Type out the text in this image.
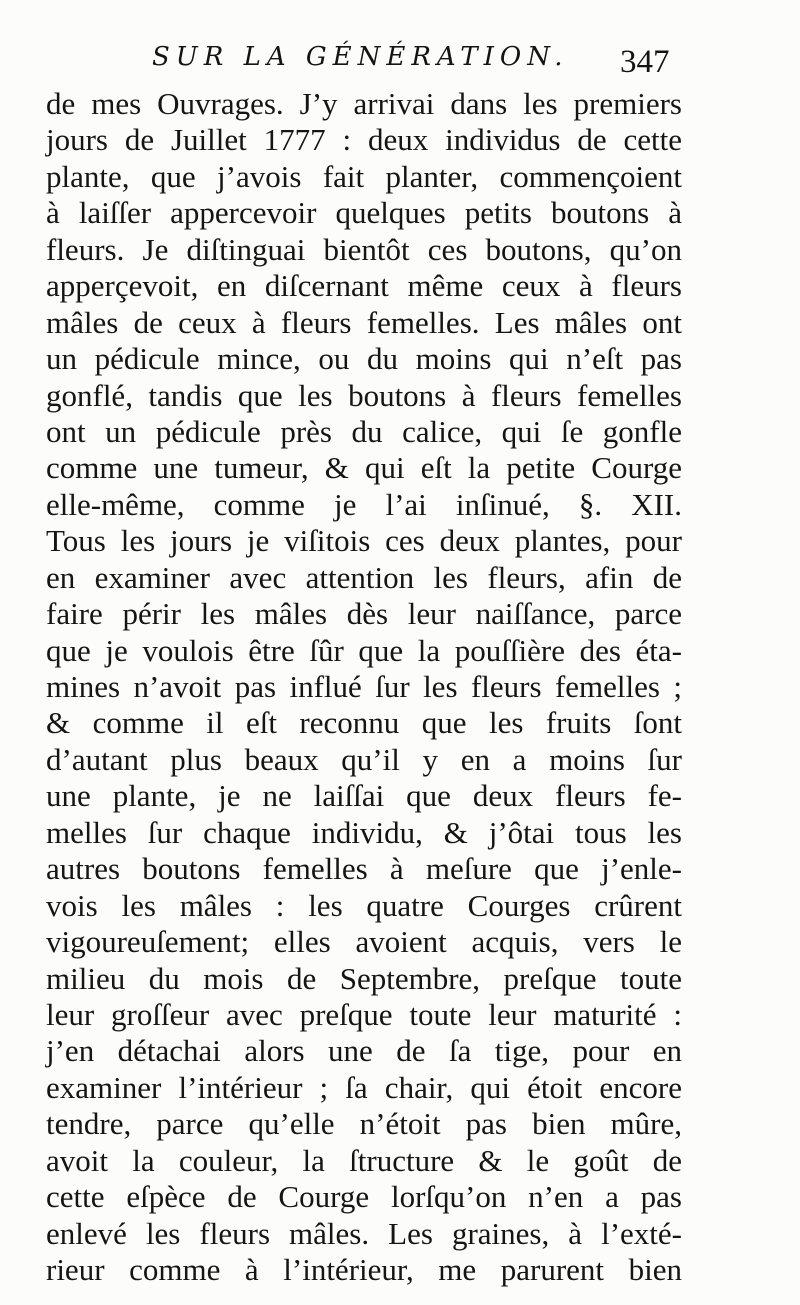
SUR LA GÉNÉRATION. 347
de mes Ouvrages. J’y arrivai dans les premiers
jours de Juillet 1777 : deux individus de cette
plante, que j’avois fait planter, commençoient
à laiſſer appercevoir quelques petits boutons à
fleurs. Je diſtinguai bientôt ces boutons, qu’on
apperçevoit, en diſcernant même ceux à fleurs
mâles de ceux à fleurs femelles. Les mâles ont
un pédicule mince, ou du moins qui n’eſt pas
gonflé, tandis que les boutons à fleurs femelles
ont un pédicule près du calice, qui ſe gonfle
comme une tumeur, & qui eſt la petite Courge
elle-même, comme je l’ai inſinué, §. XII.
Tous les jours je viſitois ces deux plantes, pour
en examiner avec attention les fleurs, afin de
faire périr les mâles dès leur naiſſance, parce
que je voulois être ſûr que la pouſſière des éta-
mines n’avoit pas influé ſur les fleurs femelles ;
& comme il eſt reconnu que les fruits ſont
d’autant plus beaux qu’il y en a moins ſur
une plante, je ne laiſſai que deux fleurs fe-
melles ſur chaque individu, & j’ôtai tous les
autres boutons femelles à meſure que j’enle-
vois les mâles : les quatre Courges crûrent
vigoureuſement; elles avoient acquis, vers le
milieu du mois de Septembre, preſque toute
leur groſſeur avec preſque toute leur maturité :
j’en détachai alors une de ſa tige, pour en
examiner l’intérieur ; ſa chair, qui étoit encore
tendre, parce qu’elle n’étoit pas bien mûre,
avoit la couleur, la ſtructure & le goût de
cette eſpèce de Courge lorſqu’on n’en a pas
enlevé les fleurs mâles. Les graines, à l’exté-
rieur comme à l’intérieur, me parurent bien
